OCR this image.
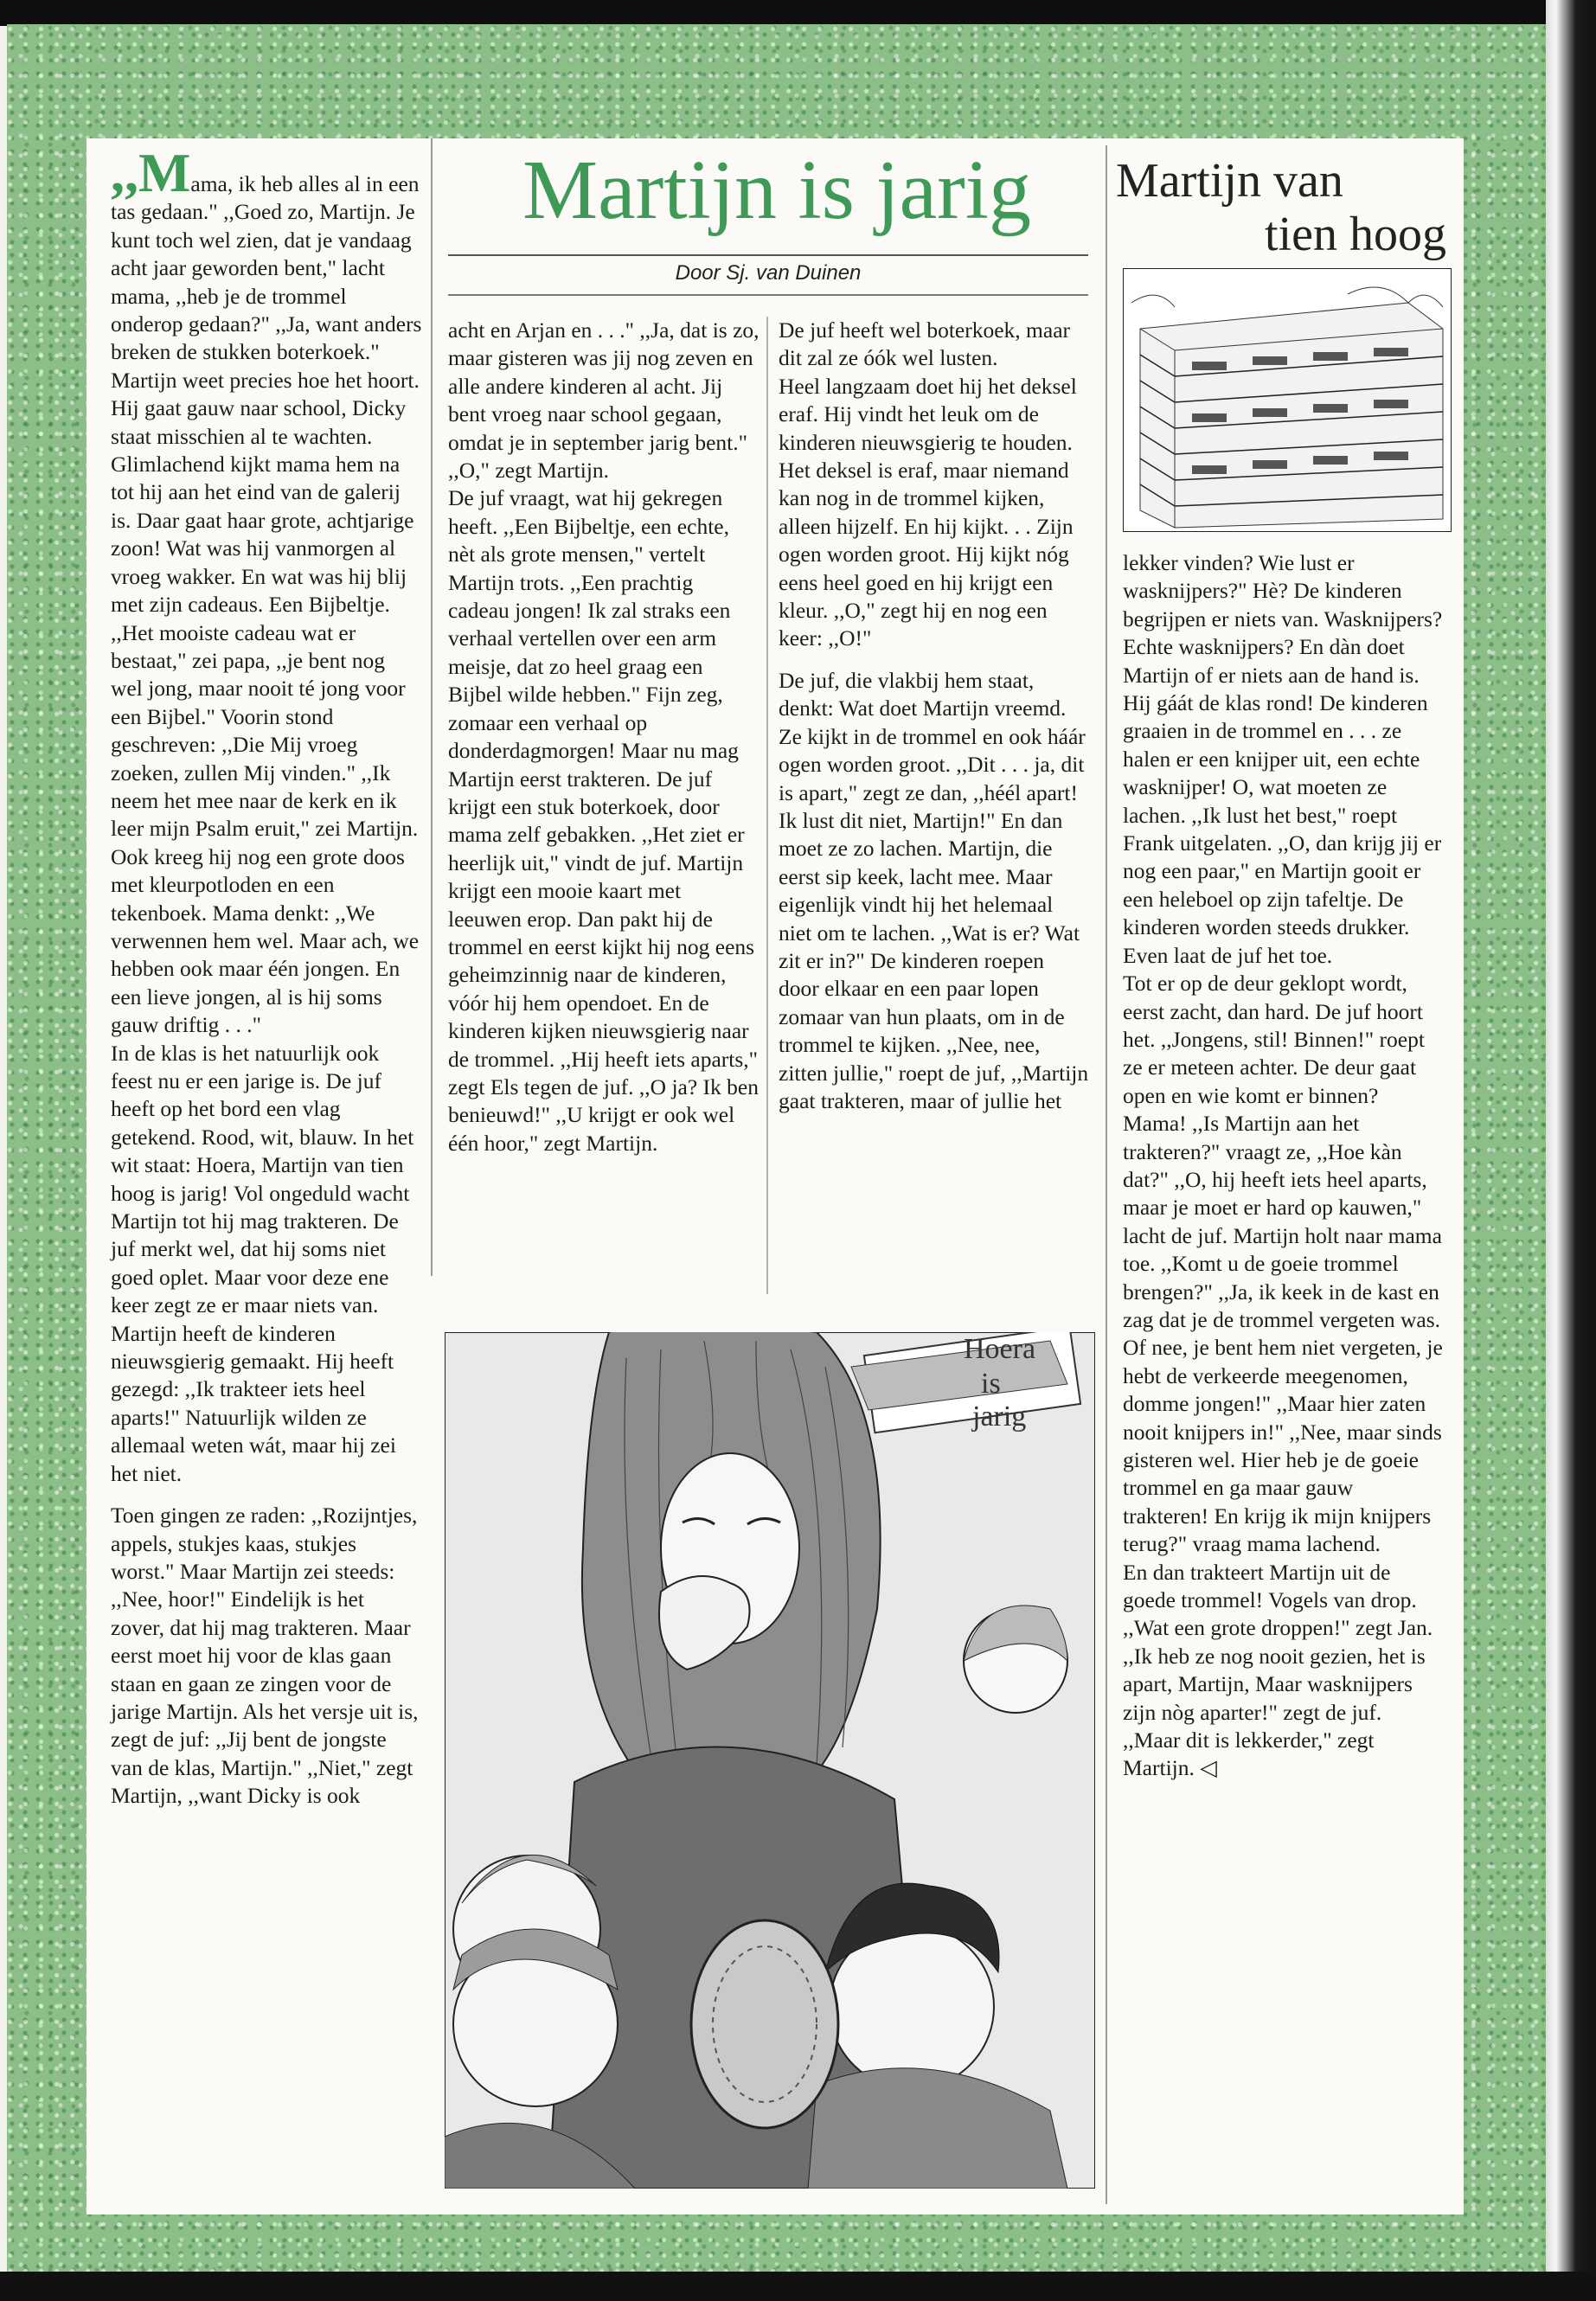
,,Mama, ik heb alles al in een tas gedaan." ,,Goed zo, Martijn. Je kunt toch wel zien, dat je vandaag acht jaar geworden bent," lacht mama, ,,heb je de trommel onderop gedaan?" ,,Ja, want anders breken de stukken boterkoek." Martijn weet precies hoe het hoort. Hij gaat gauw naar school, Dicky staat misschien al te wachten. Glimlachend kijkt mama hem na tot hij aan het eind van de galerij is. Daar gaat haar grote, achtjarige zoon! Wat was hij vanmorgen al vroeg wakker. En wat was hij blij met zijn cadeaus. Een Bijbeltje. ,,Het mooiste cadeau wat er bestaat," zei papa, ,,je bent nog wel jong, maar nooit té jong voor een Bijbel." Voorin stond geschreven: ,,Die Mij vroeg zoeken, zullen Mij vinden." ,,Ik neem het mee naar de kerk en ik leer mijn Psalm eruit," zei Martijn. Ook kreeg hij nog een grote doos met kleurpotloden en een tekenboek. Mama denkt: ,,We verwennen hem wel. Maar ach, we hebben ook maar één jongen. En een lieve jongen, al is hij soms gauw driftig . . ."

In de klas is het natuurlijk ook feest nu er een jarige is. De juf heeft op het bord een vlag getekend. Rood, wit, blauw. In het wit staat: Hoera, Martijn van tien hoog is jarig! Vol ongeduld wacht Martijn tot hij mag trakteren. De juf merkt wel, dat hij soms niet goed oplet. Maar voor deze ene keer zegt ze er maar niets van.

Martijn heeft de kinderen nieuwsgierig gemaakt. Hij heeft gezegd: ,,Ik trakteer iets heel aparts!" Natuurlijk wilden ze allemaal weten wát, maar hij zei het niet.

Toen gingen ze raden: ,,Rozijntjes, appels, stukjes kaas, stukjes worst." Maar Martijn zei steeds: ,,Nee, hoor!" Eindelijk is het zover, dat hij mag trakteren. Maar eerst moet hij voor de klas gaan staan en gaan ze zingen voor de jarige Martijn. Als het versje uit is, zegt de juf: ,,Jij bent de jongste van de klas, Martijn." ,,Niet," zegt Martijn, ,,want Dicky is ook

Martijn is jarig
Door Sj. van Duinen

acht en Arjan en . . ." ,,Ja, dat is zo, maar gisteren was jij nog zeven en alle andere kinderen al acht. Jij bent vroeg naar school gegaan, omdat je in september jarig bent." ,,O," zegt Martijn.

De juf vraagt, wat hij gekregen heeft. ,,Een Bijbeltje, een echte, nèt als grote mensen," vertelt Martijn trots. ,,Een prachtig cadeau jongen! Ik zal straks een verhaal vertellen over een arm meisje, dat zo heel graag een Bijbel wilde hebben." Fijn zeg, zomaar een verhaal op donderdagmorgen! Maar nu mag Martijn eerst trakteren. De juf krijgt een stuk boterkoek, door mama zelf gebakken. ,,Het ziet er heerlijk uit," vindt de juf. Martijn krijgt een mooie kaart met leeuwen erop. Dan pakt hij de trommel en eerst kijkt hij nog eens geheimzinnig naar de kinderen, vóór hij hem opendoet. En de kinderen kijken nieuwsgierig naar de trommel. ,,Hij heeft iets aparts," zegt Els tegen de juf. ,,O ja? Ik ben benieuwd!" ,,U krijgt er ook wel één hoor," zegt Martijn.

De juf heeft wel boterkoek, maar dit zal ze óók wel lusten.

Heel langzaam doet hij het deksel eraf. Hij vindt het leuk om de kinderen nieuwsgierig te houden. Het deksel is eraf, maar niemand kan nog in de trommel kijken, alleen hijzelf. En hij kijkt. . . Zijn ogen worden groot. Hij kijkt nóg eens heel goed en hij krijgt een kleur. ,,O," zegt hij en nog een keer: ,,O!"

De juf, die vlakbij hem staat, denkt: Wat doet Martijn vreemd. Ze kijkt in de trommel en ook háár ogen worden groot. ,,Dit . . . ja, dit is apart," zegt ze dan, ,,héél apart! Ik lust dit niet, Martijn!" En dan moet ze zo lachen. Martijn, die eerst sip keek, lacht mee. Maar eigenlijk vindt hij het helemaal niet om te lachen. ,,Wat is er? Wat zit er in?" De kinderen roepen door elkaar en een paar lopen zomaar van hun plaats, om in de trommel te kijken. ,,Nee, nee, zitten jullie," roept de juf, ,,Martijn gaat trakteren, maar of jullie het

Martijn van
tien hoog

lekker vinden? Wie lust er wasknijpers?" Hè? De kinderen begrijpen er niets van. Wasknijpers? Echte wasknijpers? En dàn doet Martijn of er niets aan de hand is. Hij gáát de klas rond! De kinderen graaien in de trommel en . . . ze halen er een knijper uit, een echte wasknijper! O, wat moeten ze lachen. ,,Ik lust het best," roept Frank uitgelaten. ,,O, dan krijg jij er nog een paar," en Martijn gooit er een heleboel op zijn tafeltje. De kinderen worden steeds drukker. Even laat de juf het toe.

Tot er op de deur geklopt wordt, eerst zacht, dan hard. De juf hoort het. ,,Jongens, stil! Binnen!" roept ze er meteen achter. De deur gaat open en wie komt er binnen? Mama! ,,Is Martijn aan het trakteren?" vraagt ze, ,,Hoe kàn dat?" ,,O, hij heeft iets heel aparts, maar je moet er hard op kauwen," lacht de juf. Martijn holt naar mama toe. ,,Komt u de goeie trommel brengen?" ,,Ja, ik keek in de kast en zag dat je de trommel vergeten was. Of nee, je bent hem niet vergeten, je hebt de verkeerde meegenomen, domme jongen!" ,,Maar hier zaten nooit knijpers in!" ,,Nee, maar sinds gisteren wel. Hier heb je de goeie trommel en ga maar gauw trakteren! En krijg ik mijn knijpers terug?" vraag mama lachend.

En dan trakteert Martijn uit de goede trommel! Vogels van drop. ,,Wat een grote droppen!" zegt Jan. ,,Ik heb ze nog nooit gezien, het is apart, Martijn, Maar wasknijpers zijn nòg aparter!" zegt de juf. ,,Maar dit is lekkerder," zegt Martijn. ◁

Hoera
is
jarig
